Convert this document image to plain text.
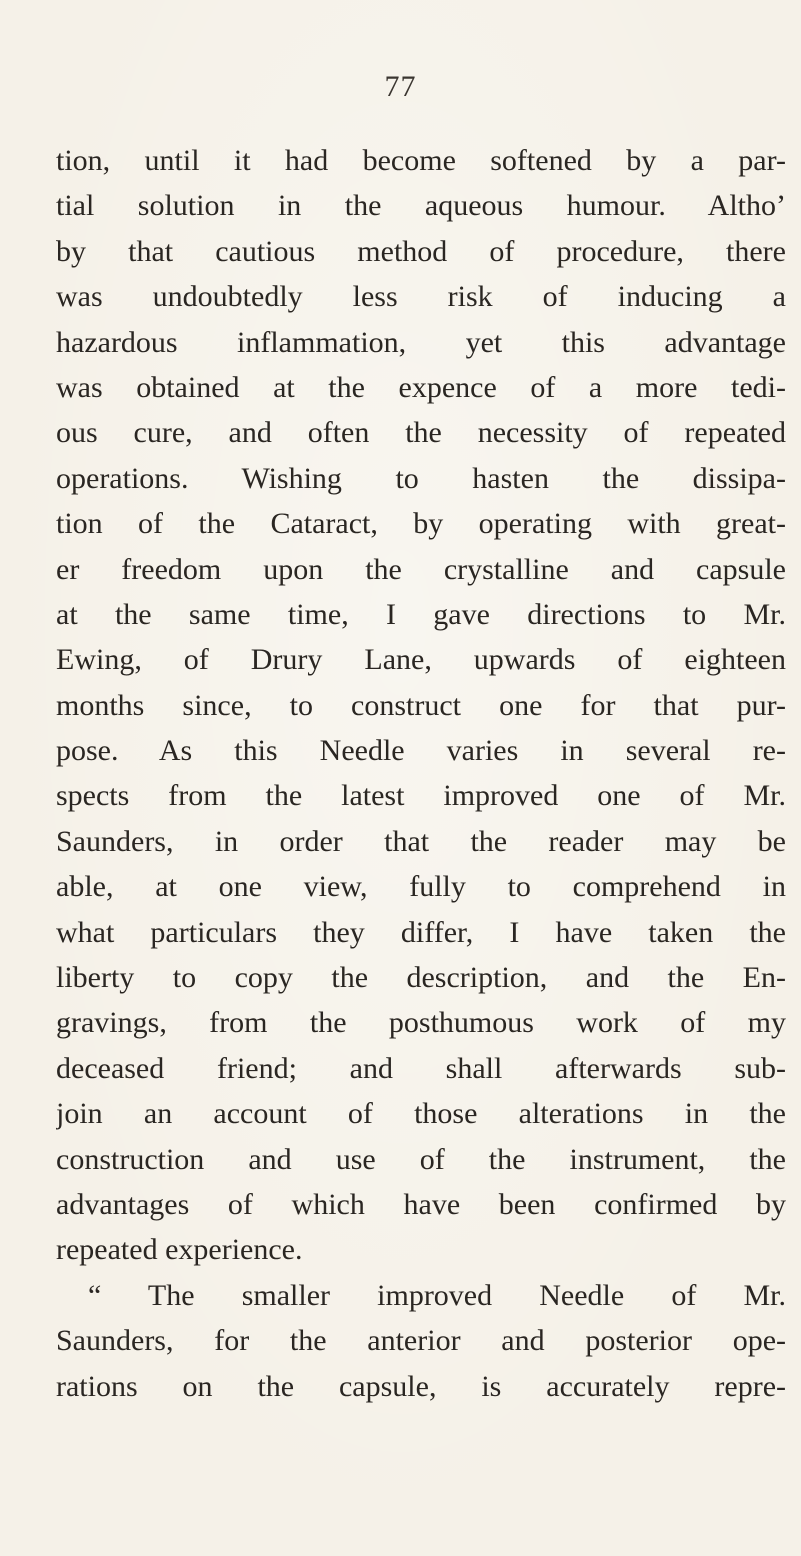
77
tion, until it had become softened by a par-
tial solution in the aqueous humour. Altho’
by that cautious method of procedure, there
was undoubtedly less risk of inducing a
hazardous inflammation, yet this advantage
was obtained at the expence of a more tedi-
ous cure, and often the necessity of repeated
operations. Wishing to hasten the dissipa-
tion of the Cataract, by operating with great-
er freedom upon the crystalline and capsule
at the same time, I gave directions to Mr.
Ewing, of Drury Lane, upwards of eighteen
months since, to construct one for that pur-
pose. As this Needle varies in several re-
spects from the latest improved one of Mr.
Saunders, in order that the reader may be
able, at one view, fully to comprehend in
what particulars they differ, I have taken the
liberty to copy the description, and the En-
gravings, from the posthumous work of my
deceased friend; and shall afterwards sub-
join an account of those alterations in the
construction and use of the instrument, the
advantages of which have been confirmed by
repeated experience.
“ The smaller improved Needle of Mr.
Saunders, for the anterior and posterior ope-
rations on the capsule, is accurately repre-
